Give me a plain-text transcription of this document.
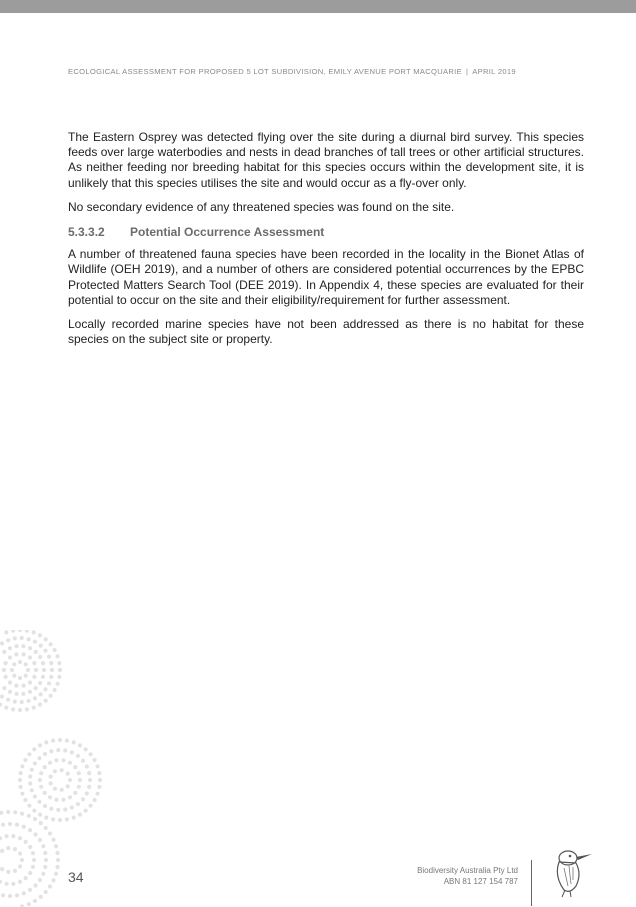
ECOLOGICAL ASSESSMENT FOR PROPOSED 5 LOT SUBDIVISION, EMILY AVENUE PORT MACQUARIE | APRIL 2019

The Eastern Osprey was detected flying over the site during a diurnal bird survey. This species feeds over large waterbodies and nests in dead branches of tall trees or other artificial structures. As neither feeding nor breeding habitat for this species occurs within the development site, it is unlikely that this species utilises the site and would occur as a fly-over only.

No secondary evidence of any threatened species was found on the site.

5.3.3.2	Potential Occurrence Assessment

A number of threatened fauna species have been recorded in the locality in the Bionet Atlas of Wildlife (OEH 2019), and a number of others are considered potential occurrences by the EPBC Protected Matters Search Tool (DEE 2019). In Appendix 4, these species are evaluated for their potential to occur on the site and their eligibility/requirement for further assessment.

Locally recorded marine species have not been addressed as there is no habitat for these species on the subject site or property.

34	Biodiversity Australia Pty Ltd
ABN 81 127 154 787
